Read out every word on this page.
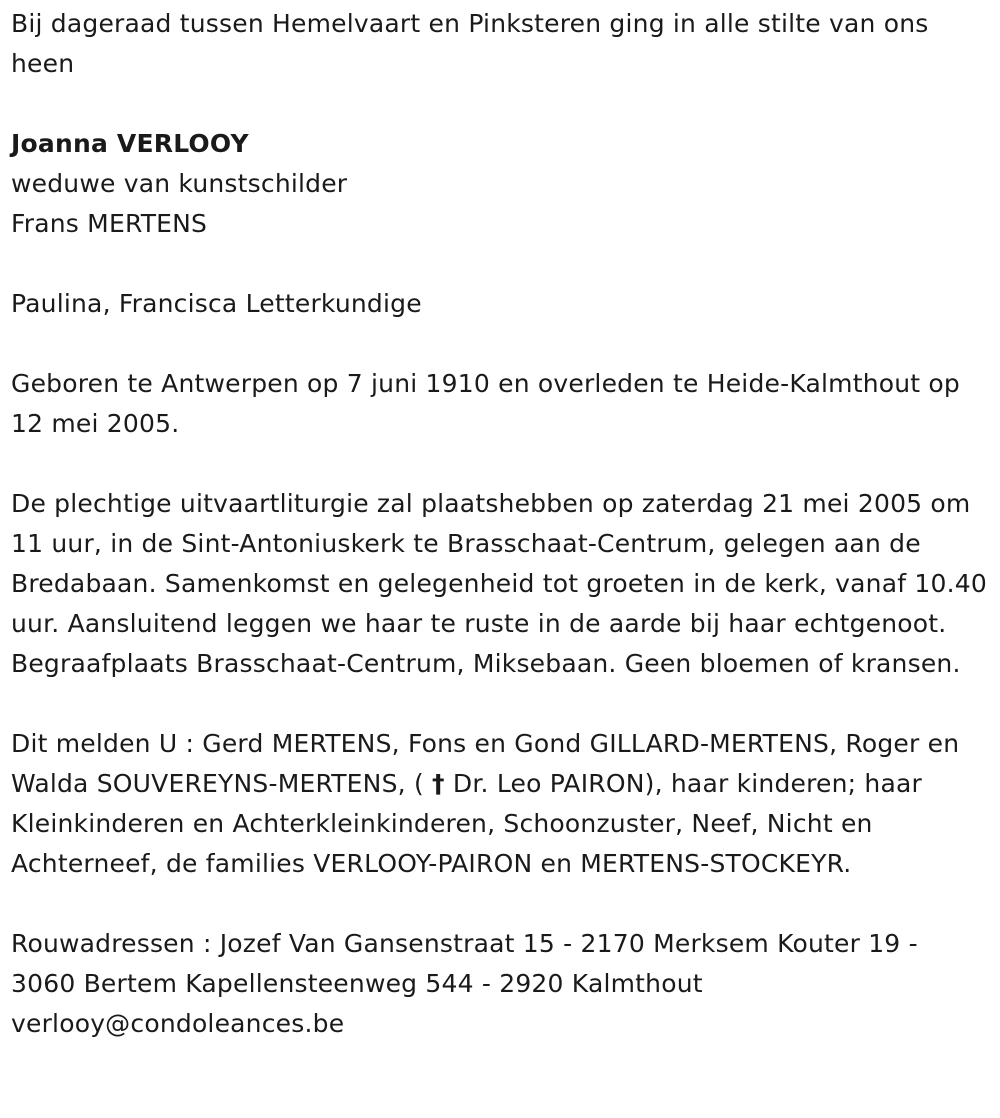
Bij dageraad tussen Hemelvaart en Pinksteren ging in alle stilte van ons heen

Joanna VERLOOY

weduwe van kunstschilder

Frans MERTENS

Paulina, Francisca Letterkundige

Geboren te Antwerpen op 7 juni 1910 en overleden te Heide-Kalmthout op 12 mei 2005.

De plechtige uitvaartliturgie zal plaatshebben op zaterdag 21 mei 2005 om 11 uur, in de Sint-Antoniuskerk te Brasschaat-Centrum, gelegen aan de Bredabaan. Samenkomst en gelegenheid tot groeten in de kerk, vanaf 10.40 uur. Aansluitend leggen we haar te ruste in de aarde bij haar echtgenoot. Begraafplaats Brasschaat-Centrum, Miksebaan. Geen bloemen of kransen.

Dit melden U : Gerd MERTENS, Fons en Gond GILLARD-MERTENS, Roger en Walda SOUVEREYNS-MERTENS, ( † Dr. Leo PAIRON), haar kinderen; haar Kleinkinderen en Achterkleinkinderen, Schoonzuster, Neef, Nicht en Achterneef, de families VERLOOY-PAIRON en MERTENS-STOCKEYR.

Rouwadressen : Jozef Van Gansenstraat 15 - 2170 Merksem Kouter 19 -

3060 Bertem Kapellensteenweg 544 - 2920 Kalmthout

verlooy@condoleances.be
